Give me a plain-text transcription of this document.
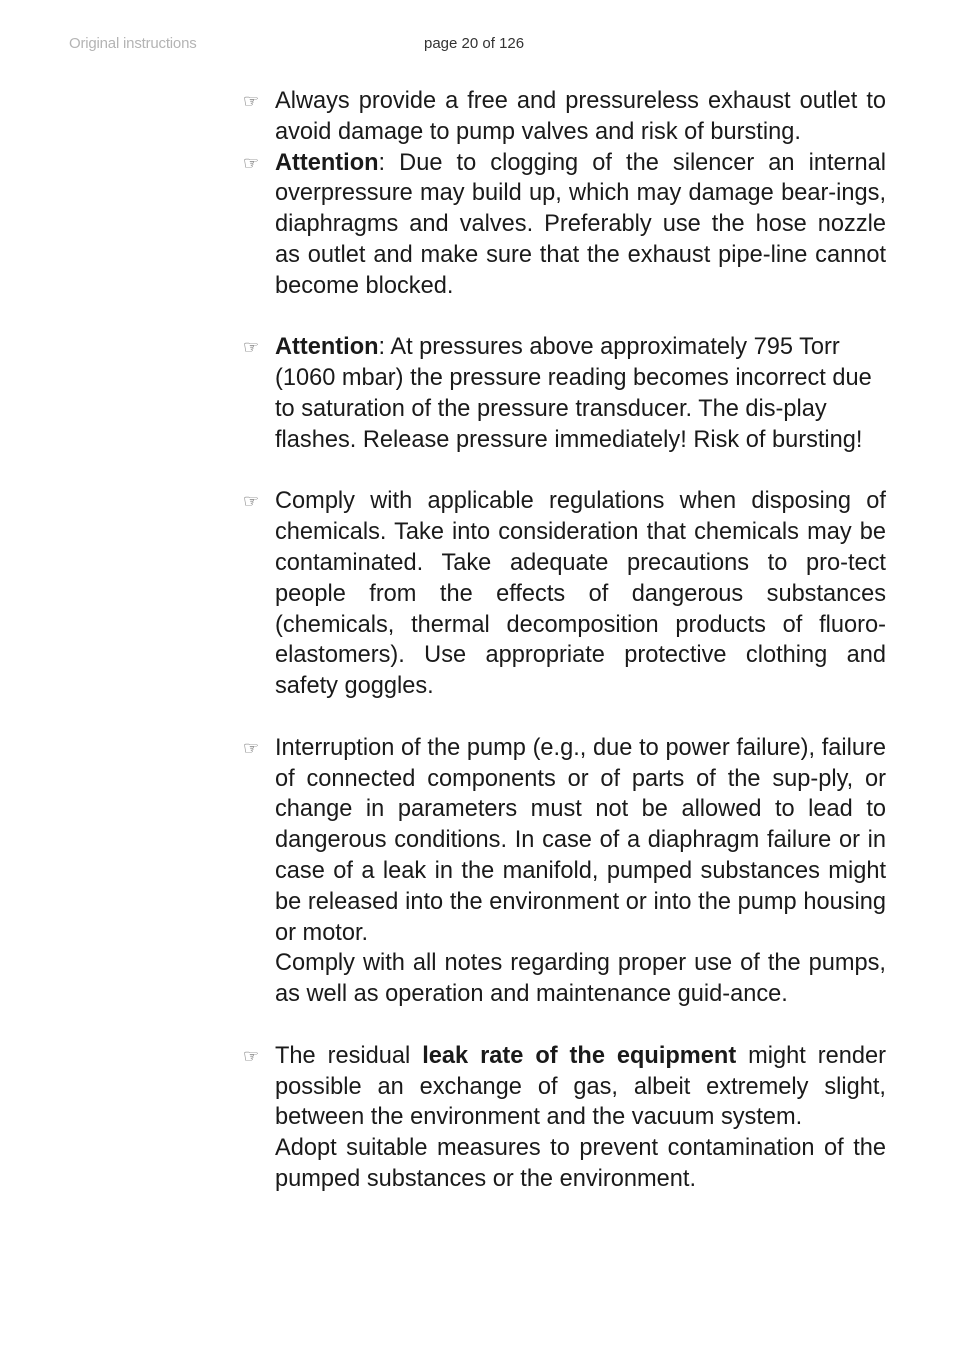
Original instructions	page 20 of 126
☞ Always provide a free and pressureless exhaust outlet to avoid damage to pump valves and risk of bursting.

☞ Attention: Due to clogging of the silencer an internal overpressure may build up, which may damage bear-ings, diaphragms and valves. Preferably use the hose nozzle as outlet and make sure that the exhaust pipe-line cannot become blocked.

☞ Attention: At pressures above approximately 795 Torr (1060 mbar) the pressure reading becomes incorrect due to saturation of the pressure transducer. The dis-play flashes. Release pressure immediately! Risk of bursting!

☞ Comply with applicable regulations when disposing of chemicals. Take into consideration that chemicals may be contaminated. Take adequate precautions to pro-tect people from the effects of dangerous substances (chemicals, thermal decomposition products of fluoro-elastomers). Use appropriate protective clothing and safety goggles.

☞ Interruption of the pump (e.g., due to power failure), failure of connected components or of parts of the sup-ply, or change in parameters must not be allowed to lead to dangerous conditions. In case of a diaphragm failure or in case of a leak in the manifold, pumped substances might be released into the environment or into the pump housing or motor.

Comply with all notes regarding proper use of the pumps, as well as operation and maintenance guid-ance.

☞ The residual leak rate of the equipment might render possible an exchange of gas, albeit extremely slight, between the environment and the vacuum system.

Adopt suitable measures to prevent contamination of the pumped substances or the environment.
